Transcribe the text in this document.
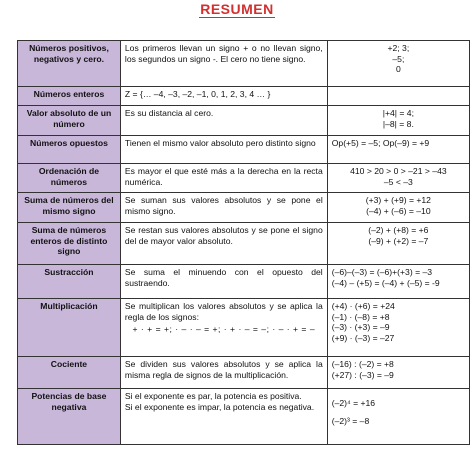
RESUMEN
Números positivos, negativos y cero.	Los primeros llevan un signo + o no llevan signo, los segundos un signo -. El cero no tiene signo.	+2; 3;
–5;
0

Números enteros	Z = {… –4, –3, –2, –1, 0, 1, 2, 3, 4 … }	
Valor absoluto de un número	Es su distancia al cero.	|+4| = 4;
|–8| = 8.

Números opuestos	Tienen el mismo valor absoluto pero distinto signo	Op(+5) = –5; Op(–9) = +9

Ordenación de números	Es mayor el que esté más a la derecha en la recta numérica.	410 > 20 > 0 > –21 > –43
–5 < –3

Suma de números del mismo signo	Se suman sus valores absolutos y se pone el mismo signo.	(+3) + (+9) = +12
(–4) + (–6) = –10

Suma de números enteros de distinto signo	Se restan sus valores absolutos y se pone el signo del de mayor valor absoluto.	(–2) + (+8) = +6
(–9) + (+2) = –7

Sustracción	Se suma el minuendo con el opuesto del sustraendo.	(–6)–(–3) = (–6)+(+3) = –3
(–4) – (+5) = (–4) + (–5) = -9

Multiplicación	Se multiplican los valores absolutos y se aplica la regla de los signos:
+ · + = +; · – · – = +; · + · – = –; · – · + = –	(+4) · (+6) = +24
(–1) · (–8) = +8
(–3) · (+3) = –9
(+9) · (–3) = –27

Cociente	Se dividen sus valores absolutos y se aplica la misma regla de signos de la multiplicación.	(–16) : (–2) = +8
(+27) : (–3) = –9

Potencias de base negativa	Si el exponente es par, la potencia es positiva.
Si el exponente es impar, la potencia es negativa.	(–2)⁴ = +16
(–2)³ = –8
